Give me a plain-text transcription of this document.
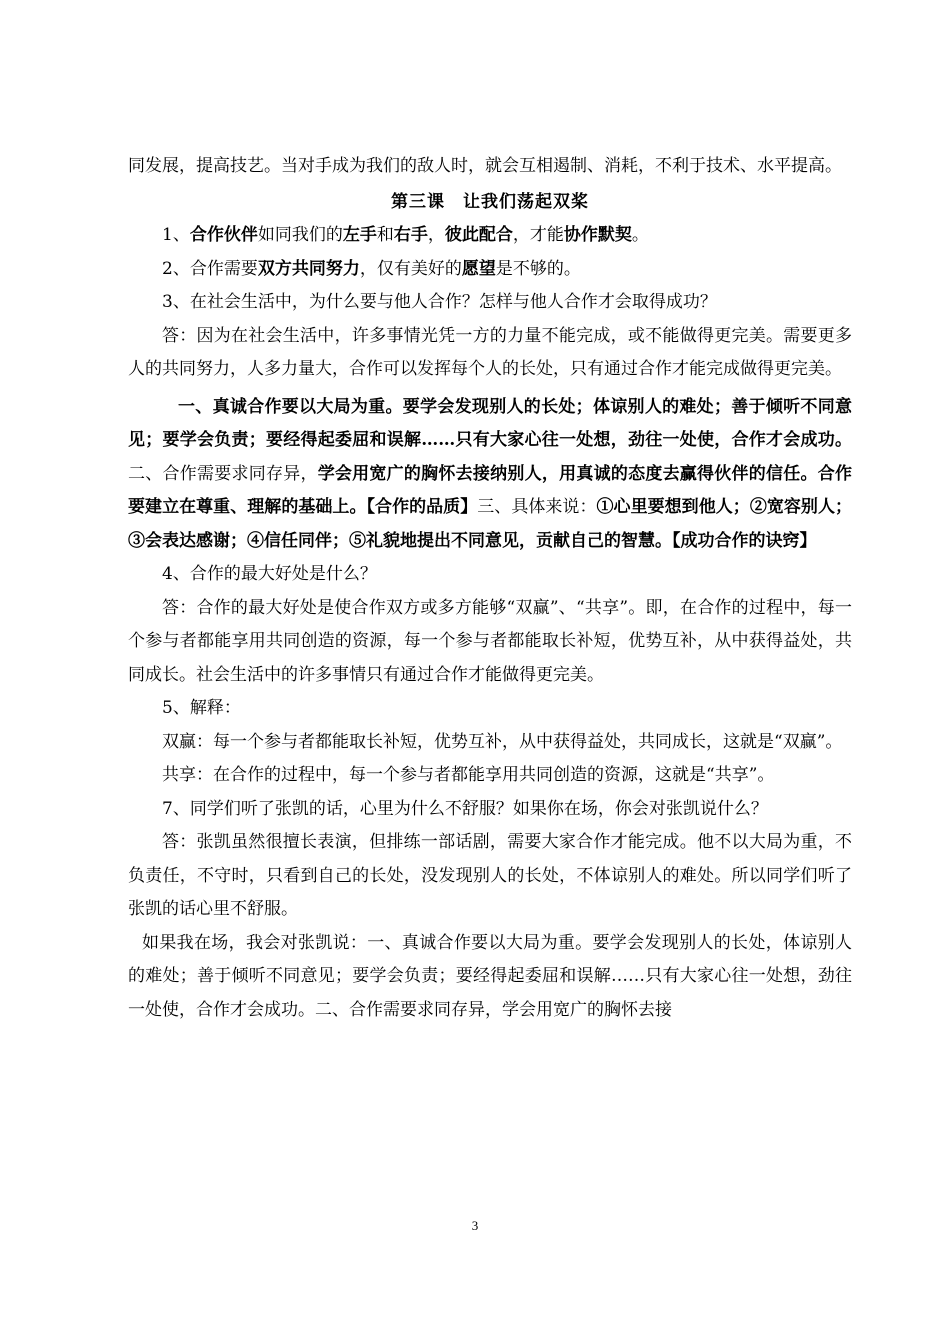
同发展，提高技艺。当对手成为我们的敌人时，就会互相遏制、消耗，不利于技术、水平提高。

第三课　让我们荡起双桨

1、合作伙伴如同我们的左手和右手，彼此配合，才能协作默契。

2、合作需要双方共同努力，仅有美好的愿望是不够的。

3、在社会生活中，为什么要与他人合作？怎样与他人合作才会取得成功？

答：因为在社会生活中，许多事情光凭一方的力量不能完成，或不能做得更完美。需要更多人的共同努力，人多力量大，合作可以发挥每个人的长处，只有通过合作才能完成做得更完美。

一、真诚合作要以大局为重。要学会发现别人的长处；体谅别人的难处；善于倾听不同意见；要学会负责；要经得起委屈和误解……只有大家心往一处想，劲往一处使，合作才会成功。二、合作需要求同存异，学会用宽广的胸怀去接纳别人，用真诚的态度去赢得伙伴的信任。合作要建立在尊重、理解的基础上。【合作的品质】三、具体来说：①心里要想到他人；②宽容别人；③会表达感谢；④信任同伴；⑤礼貌地提出不同意见，贡献自己的智慧。【成功合作的诀窍】

4、合作的最大好处是什么？

答：合作的最大好处是使合作双方或多方能够“双赢”、“共享”。即，在合作的过程中，每一个参与者都能享用共同创造的资源，每一个参与者都能取长补短，优势互补，从中获得益处，共同成长。社会生活中的许多事情只有通过合作才能做得更完美。

5、解释：

双赢：每一个参与者都能取长补短，优势互补，从中获得益处，共同成长，这就是“双赢”。

共享：在合作的过程中，每一个参与者都能享用共同创造的资源，这就是“共享”。

7、同学们听了张凯的话，心里为什么不舒服？如果你在场，你会对张凯说什么？

答：张凯虽然很擅长表演，但排练一部话剧，需要大家合作才能完成。他不以大局为重，不负责任，不守时，只看到自己的长处，没发现别人的长处，不体谅别人的难处。所以同学们听了张凯的话心里不舒服。

如果我在场，我会对张凯说：一、真诚合作要以大局为重。要学会发现别人的长处，体谅别人的难处；善于倾听不同意见；要学会负责；要经得起委屈和误解……只有大家心往一处想，劲往一处使，合作才会成功。二、合作需要求同存异，学会用宽广的胸怀去接

3
